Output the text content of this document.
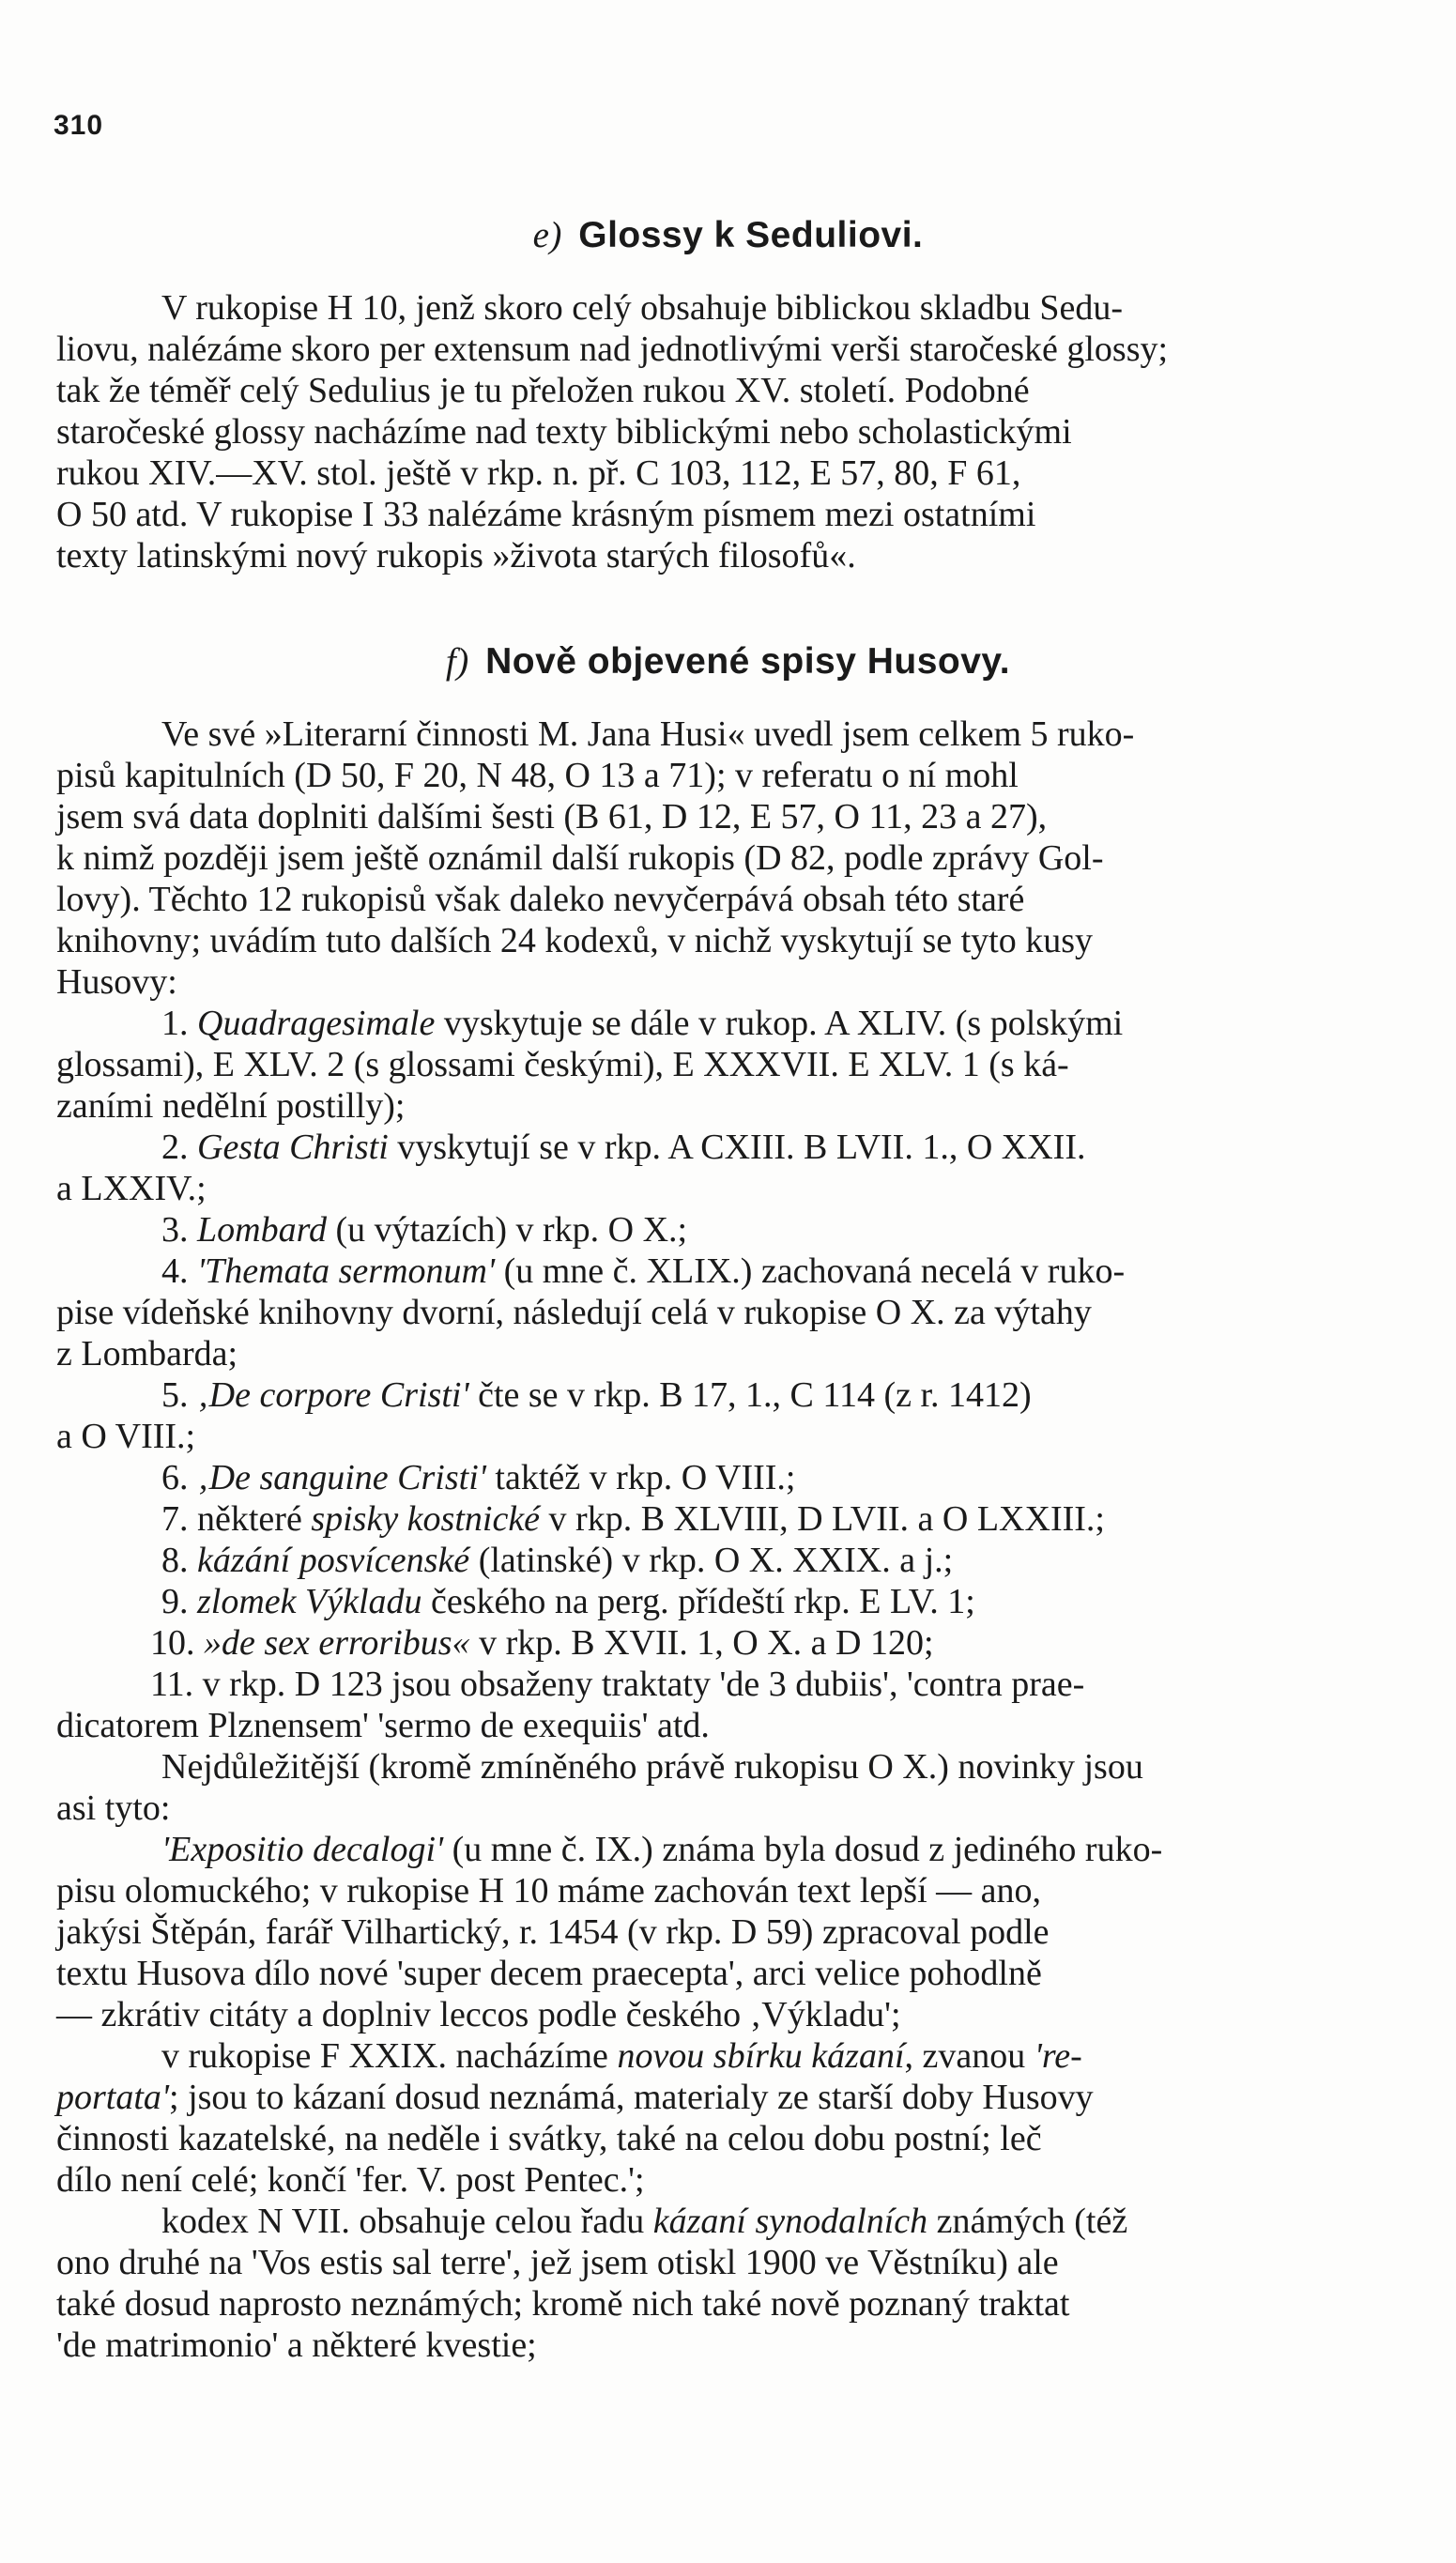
310
e) Glossy k Seduliovi.
V rukopise H 10, jenž skoro celý obsahuje biblickou skladbu Sedu-
liovu, nalézáme skoro per extensum nad jednotlivými verši staročeské glossy;
tak že téměř celý Sedulius je tu přeložen rukou XV. století. Podobné
staročeské glossy nacházíme nad texty biblickými nebo scholastickými
rukou XIV.—XV. stol. ještě v rkp. n. př. C 103, 112, E 57, 80, F 61,
O 50 atd. V rukopise I 33 nalézáme krásným písmem mezi ostatními
texty latinskými nový rukopis »života starých filosofů«.
f) Nově objevené spisy Husovy.
Ve své »Literarní činnosti M. Jana Husi« uvedl jsem celkem 5 ruko-
pisů kapitulních (D 50, F 20, N 48, O 13 a 71); v referatu o ní mohl
jsem svá data doplniti dalšími šesti (B 61, D 12, E 57, O 11, 23 a 27),
k nimž později jsem ještě oznámil další rukopis (D 82, podle zprávy Gol-
lovy). Těchto 12 rukopisů však daleko nevyčerpává obsah této staré
knihovny; uvádím tuto dalších 24 kodexů, v nichž vyskytují se tyto kusy
Husovy:
1. Quadragesimale vyskytuje se dále v rukop. A XLIV. (s polskými
glossami), E XLV. 2 (s glossami českými), E XXXVII. E XLV. 1 (s ká-
zaními nedělní postilly);
2. Gesta Christi vyskytují se v rkp. A CXIII. B LVII. 1., O XXII.
a LXXIV.;
3. Lombard (u výtazích) v rkp. O X.;
4. 'Themata sermonum' (u mne č. XLIX.) zachovaná necelá v ruko-
pise vídeňské knihovny dvorní, následují celá v rukopise O X. za výtahy
z Lombarda;
5. ‚De corpore Cristi' čte se v rkp. B 17, 1., C 114 (z r. 1412)
a O VIII.;
6. ‚De sanguine Cristi' taktéž v rkp. O VIII.;
7. některé spisky kostnické v rkp. B XLVIII, D LVII. a O LXXIII.;
8. kázání posvícenské (latinské) v rkp. O X. XXIX. a j.;
9. zlomek Výkladu českého na perg. přídeští rkp. E LV. 1;
10. »de sex erroribus« v rkp. B XVII. 1, O X. a D 120;
11. v rkp. D 123 jsou obsaženy traktaty 'de 3 dubiis', 'contra prae-
dicatorem Plznensem' 'sermo de exequiis' atd.
Nejdůležitější (kromě zmíněného právě rukopisu O X.) novinky jsou
asi tyto:
'Expositio decalogi' (u mne č. IX.) známa byla dosud z jediného ruko-
pisu olomuckého; v rukopise H 10 máme zachován text lepší — ano,
jakýsi Štěpán, farář Vilhartický, r. 1454 (v rkp. D 59) zpracoval podle
textu Husova dílo nové 'super decem praecepta', arci velice pohodlně
— zkrátiv citáty a doplniv leccos podle českého ‚Výkladu';
v rukopise F XXIX. nacházíme novou sbírku kázaní, zvanou 're-
portata'; jsou to kázaní dosud neznámá, materialy ze starší doby Husovy
činnosti kazatelské, na neděle i svátky, také na celou dobu postní; leč
dílo není celé; končí 'fer. V. post Pentec.';
kodex N VII. obsahuje celou řadu kázaní synodalních známých (též
ono druhé na 'Vos estis sal terre', jež jsem otiskl 1900 ve Věstníku) ale
také dosud naprosto neznámých; kromě nich také nově poznaný traktat
'de matrimonio' a některé kvestie;
